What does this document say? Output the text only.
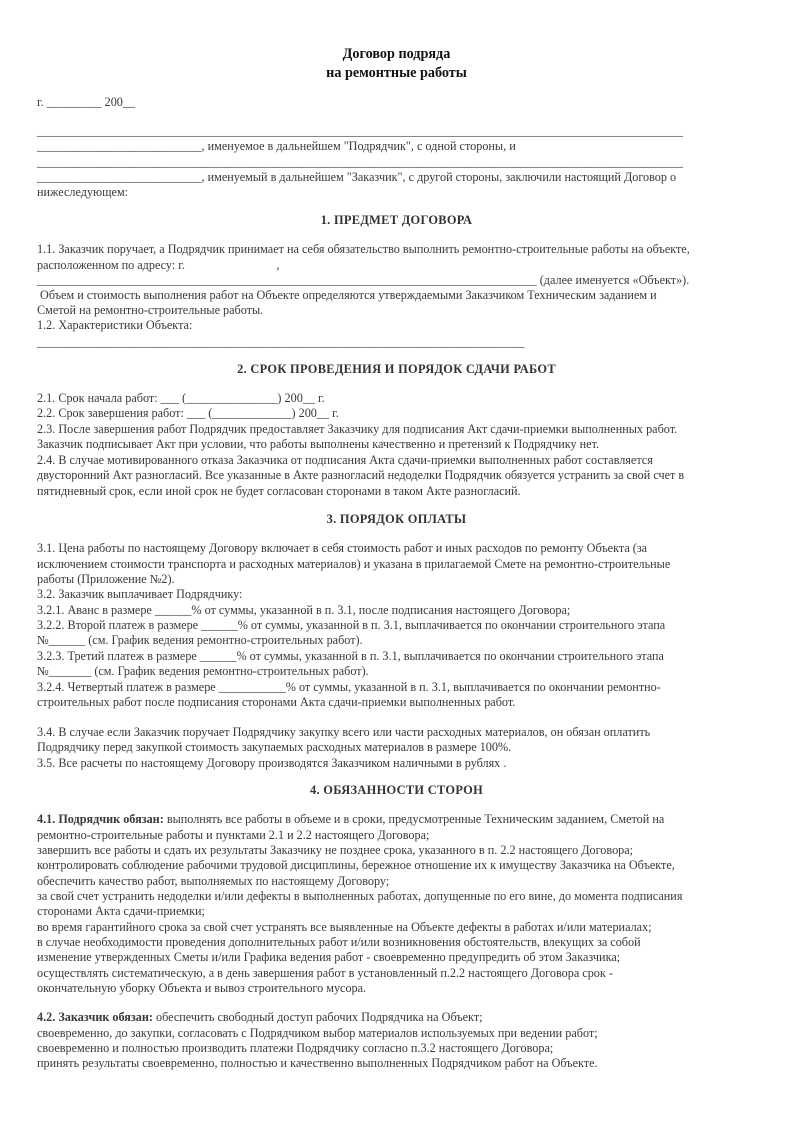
Договор подряда
на ремонтные работы
г. _________ 200__
__________________________________________________________________________________________________________
___________________________, именуемое в дальнейшем "Подрядчик", с одной стороны, и
__________________________________________________________________________________________________________
___________________________, именуемый в дальнейшем "Заказчик", с другой стороны, заключили настоящий Договор о
нижеследующем:
1. ПРЕДМЕТ ДОГОВОРА
1.1. Заказчик поручает, а Подрядчик принимает на себя обязательство выполнить ремонтно-строительные работы на объекте,
расположенном по адресу: г.                              ,
__________________________________________________________________________________ (далее именуется «Объект»).
Объем и стоимость выполнения работ на Объекте определяются утверждаемыми Заказчиком Техническим заданием и
Сметой на ремонтно-строительные работы.
1.2. Характеристики Объекта:
________________________________________________________________________________
2. СРОК ПРОВЕДЕНИЯ И ПОРЯДОК СДАЧИ РАБОТ
2.1. Срок начала работ: ___ (_______________) 200__ г.
2.2. Срок завершения работ: ___ (_____________) 200__ г.
2.3. После завершения работ Подрядчик предоставляет Заказчику для подписания Акт сдачи-приемки выполненных работ.
Заказчик подписывает Акт при условии, что работы выполнены качественно и претензий к Подрядчику нет.
2.4. В случае мотивированного отказа Заказчика от подписания Акта сдачи-приемки выполненных работ составляется
двусторонний Акт разногласий. Все указанные в Акте разногласий недоделки Подрядчик обязуется устранить за свой счет в
пятидневный срок, если иной срок не будет согласован сторонами в таком Акте разногласий.
3. ПОРЯДОК ОПЛАТЫ
3.1. Цена работы по настоящему Договору включает в себя стоимость работ и иных расходов по ремонту Объекта (за
исключением стоимости транспорта и расходных материалов) и указана в прилагаемой Смете на ремонтно-строительные
работы (Приложение №2).
3.2. Заказчик выплачивает Подрядчику:
3.2.1. Аванс в размере ______% от суммы, указанной в п. 3.1, после подписания настоящего Договора;
3.2.2. Второй платеж в размере ______% от суммы, указанной в п. 3.1, выплачивается по окончании строительного этапа
№______ (см. График ведения ремонтно-строительных работ).
3.2.3. Третий платеж в размере ______% от суммы, указанной в п. 3.1, выплачивается по окончании строительного этапа
№_______ (см. График ведения ремонтно-строительных работ).
3.2.4. Четвертый платеж в размере ___________% от суммы, указанной в п. 3.1, выплачивается по окончании ремонтно-
строительных работ после подписания сторонами Акта сдачи-приемки выполненных работ.
3.4. В случае если Заказчик поручает Подрядчику закупку всего или части расходных материалов, он обязан оплатить
Подрядчику перед закупкой стоимость закупаемых расходных материалов в размере 100%.
3.5. Все расчеты по настоящему Договору производятся Заказчиком наличными в рублях .
4. ОБЯЗАННОСТИ СТОРОН
4.1. Подрядчик обязан: выполнять все работы в объеме и в сроки, предусмотренные Техническим заданием, Сметой на
ремонтно-строительные работы и пунктами 2.1 и 2.2 настоящего Договора;
завершить все работы и сдать их результаты Заказчику не позднее срока, указанного в п. 2.2 настоящего Договора;
контролировать соблюдение рабочими трудовой дисциплины, бережное отношение их к имуществу Заказчика на Объекте,
обеспечить качество работ, выполняемых по настоящему Договору;
за свой счет устранить недоделки и/или дефекты в выполненных работах, допущенные по его вине, до момента подписания
сторонами Акта сдачи-приемки;
во время гарантийного срока за свой счет устранять все выявленные на Объекте дефекты в работах и/или материалах;
в случае необходимости проведения дополнительных работ и/или возникновения обстоятельств, влекущих за собой
изменение утвержденных Сметы и/или Графика ведения работ - своевременно предупредить об этом Заказчика;
осуществлять систематическую, а в день завершения работ в установленный п.2.2 настоящего Договора срок -
окончательную уборку Объекта и вывоз строительного мусора.
4.2. Заказчик обязан: обеспечить свободный доступ рабочих Подрядчика на Объект;
своевременно, до закупки, согласовать с Подрядчиком выбор материалов используемых при ведении работ;
своевременно и полностью производить платежи Подрядчику согласно п.3.2 настоящего Договора;
принять результаты своевременно, полностью и качественно выполненных Подрядчиком работ на Объекте.
